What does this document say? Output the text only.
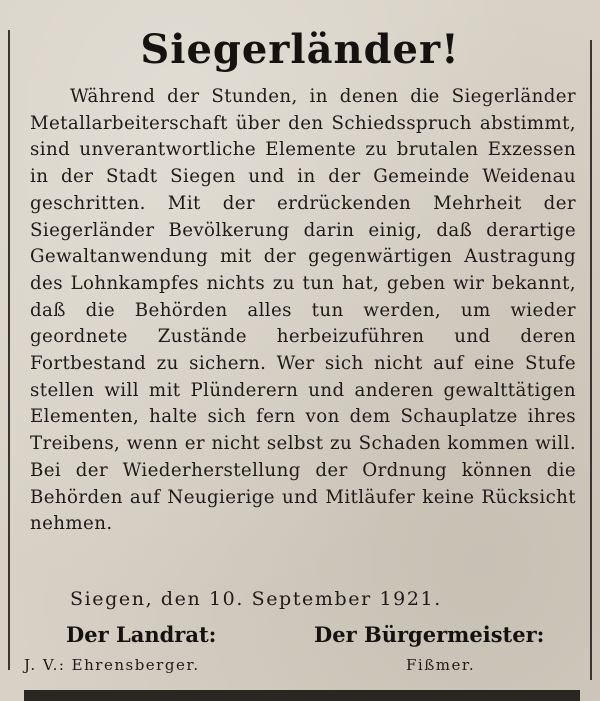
Siegerländer!
Während der Stunden, in denen die Siegerländer Metallarbeiterschaft über den Schiedsspruch abstimmt, sind unverantwortliche Elemente zu brutalen Exzessen in der Stadt Siegen und in der Gemeinde Weidenau geschritten. Mit der erdrückenden Mehrheit der Siegerländer Bevölkerung darin einig, daß derartige Gewaltanwendung mit der gegenwärtigen Austragung des Lohnkampfes nichts zu tun hat, geben wir bekannt, daß die Behörden alles tun werden, um wieder geordnete Zustände herbeizuführen und deren Fortbestand zu sichern. Wer sich nicht auf eine Stufe stellen will mit Plünderern und anderen gewalttätigen Elementen, halte sich fern von dem Schauplatze ihres Treibens, wenn er nicht selbst zu Schaden kommen will. Bei der Wiederherstellung der Ordnung können die Behörden auf Neugierige und Mitläufer keine Rücksicht nehmen.
Siegen, den 10. September 1921.
Der Landrat:	Der Bürgermeister:
J. V.: Ehrensberger.	Fißmer.
